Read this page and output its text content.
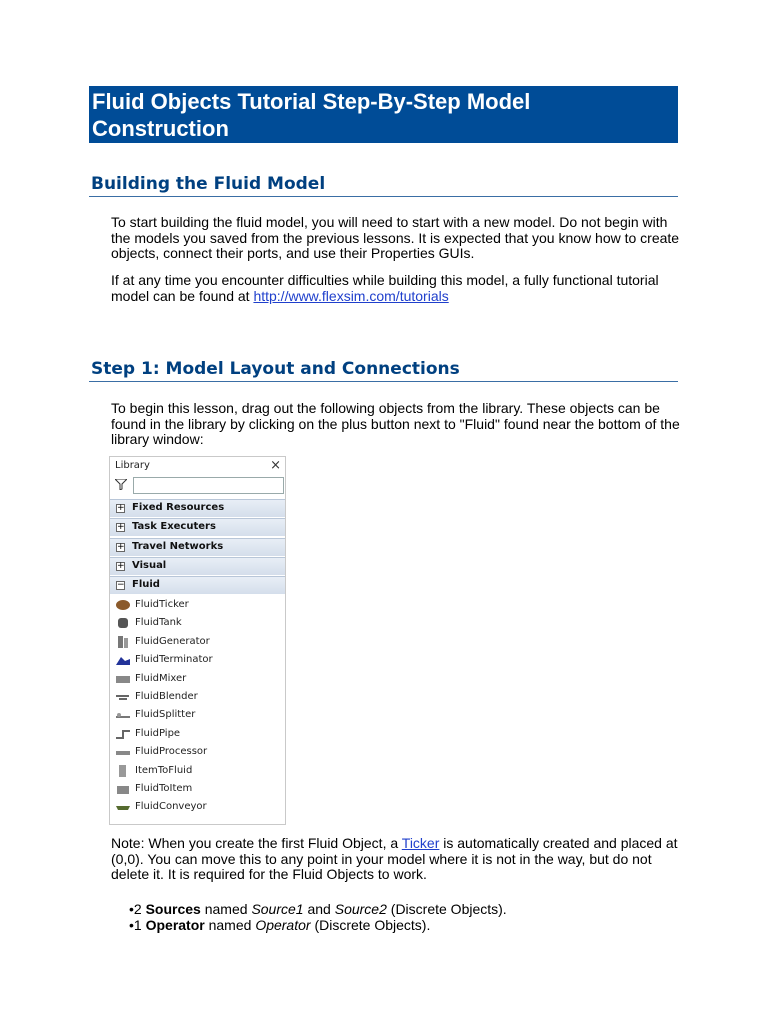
Fluid Objects Tutorial Step-By-Step Model Construction
Building the Fluid Model

To start building the fluid model, you will need to start with a new model. Do not begin with the models you saved from the previous lessons. It is expected that you know how to create objects, connect their ports, and use their Properties GUIs.

If at any time you encounter difficulties while building this model, a fully functional tutorial model can be found at http://www.flexsim.com/tutorials

Step 1: Model Layout and Connections

To begin this lesson, drag out the following objects from the library. These objects can be found in the library by clicking on the plus button next to "Fluid" found near the bottom of the library window:

Library	×
+ Fixed Resources
+ Task Executers
+ Travel Networks
+ Visual
− Fluid
FluidTicker
FluidTank
FluidGenerator
FluidTerminator
FluidMixer
FluidBlender
FluidSplitter
FluidPipe
FluidProcessor
ItemToFluid
FluidToItem
FluidConveyor

Note: When you create the first Fluid Object, a Ticker is automatically created and placed at (0,0). You can move this to any point in your model where it is not in the way, but do not delete it. It is required for the Fluid Objects to work.

•2 Sources named Source1 and Source2 (Discrete Objects).
•1 Operator named Operator (Discrete Objects).
